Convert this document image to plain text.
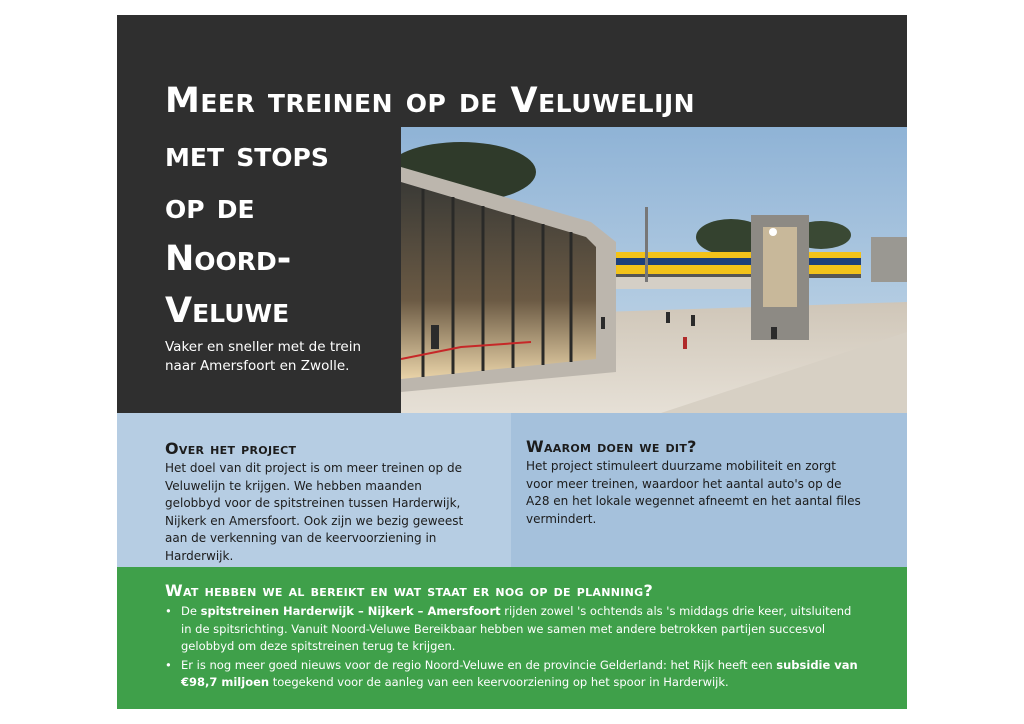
Meer treinen op de Veluwelijn
met stops
op de
Noord-
Veluwe
Vaker en sneller met de trein naar Amersfoort en Zwolle.
Over het project

Het doel van dit project is om meer treinen op de Veluwelijn te krijgen. We hebben maanden gelobbyd voor de spitstreinen tussen Harderwijk, Nijkerk en Amersfoort. Ook zijn we bezig geweest aan de verkenning van de keervoorziening in Harderwijk.

Waarom doen we dit?

Het project stimuleert duurzame mobiliteit en zorgt voor meer treinen, waardoor het aantal auto's op de A28 en het lokale wegennet afneemt en het aantal files vermindert.

Wat hebben we al bereikt en wat staat er nog op de planning?
• De spitstreinen Harderwijk – Nijkerk – Amersfoort rijden zowel 's ochtends als 's middags drie keer, uitsluitend in de spitsrichting. Vanuit Noord-Veluwe Bereikbaar hebben we samen met andere betrokken partijen succesvol gelobbyd om deze spitstreinen terug te krijgen.
• Er is nog meer goed nieuws voor de regio Noord-Veluwe en de provincie Gelderland: het Rijk heeft een subsidie van €98,7 miljoen toegekend voor de aanleg van een keervoorziening op het spoor in Harderwijk.
